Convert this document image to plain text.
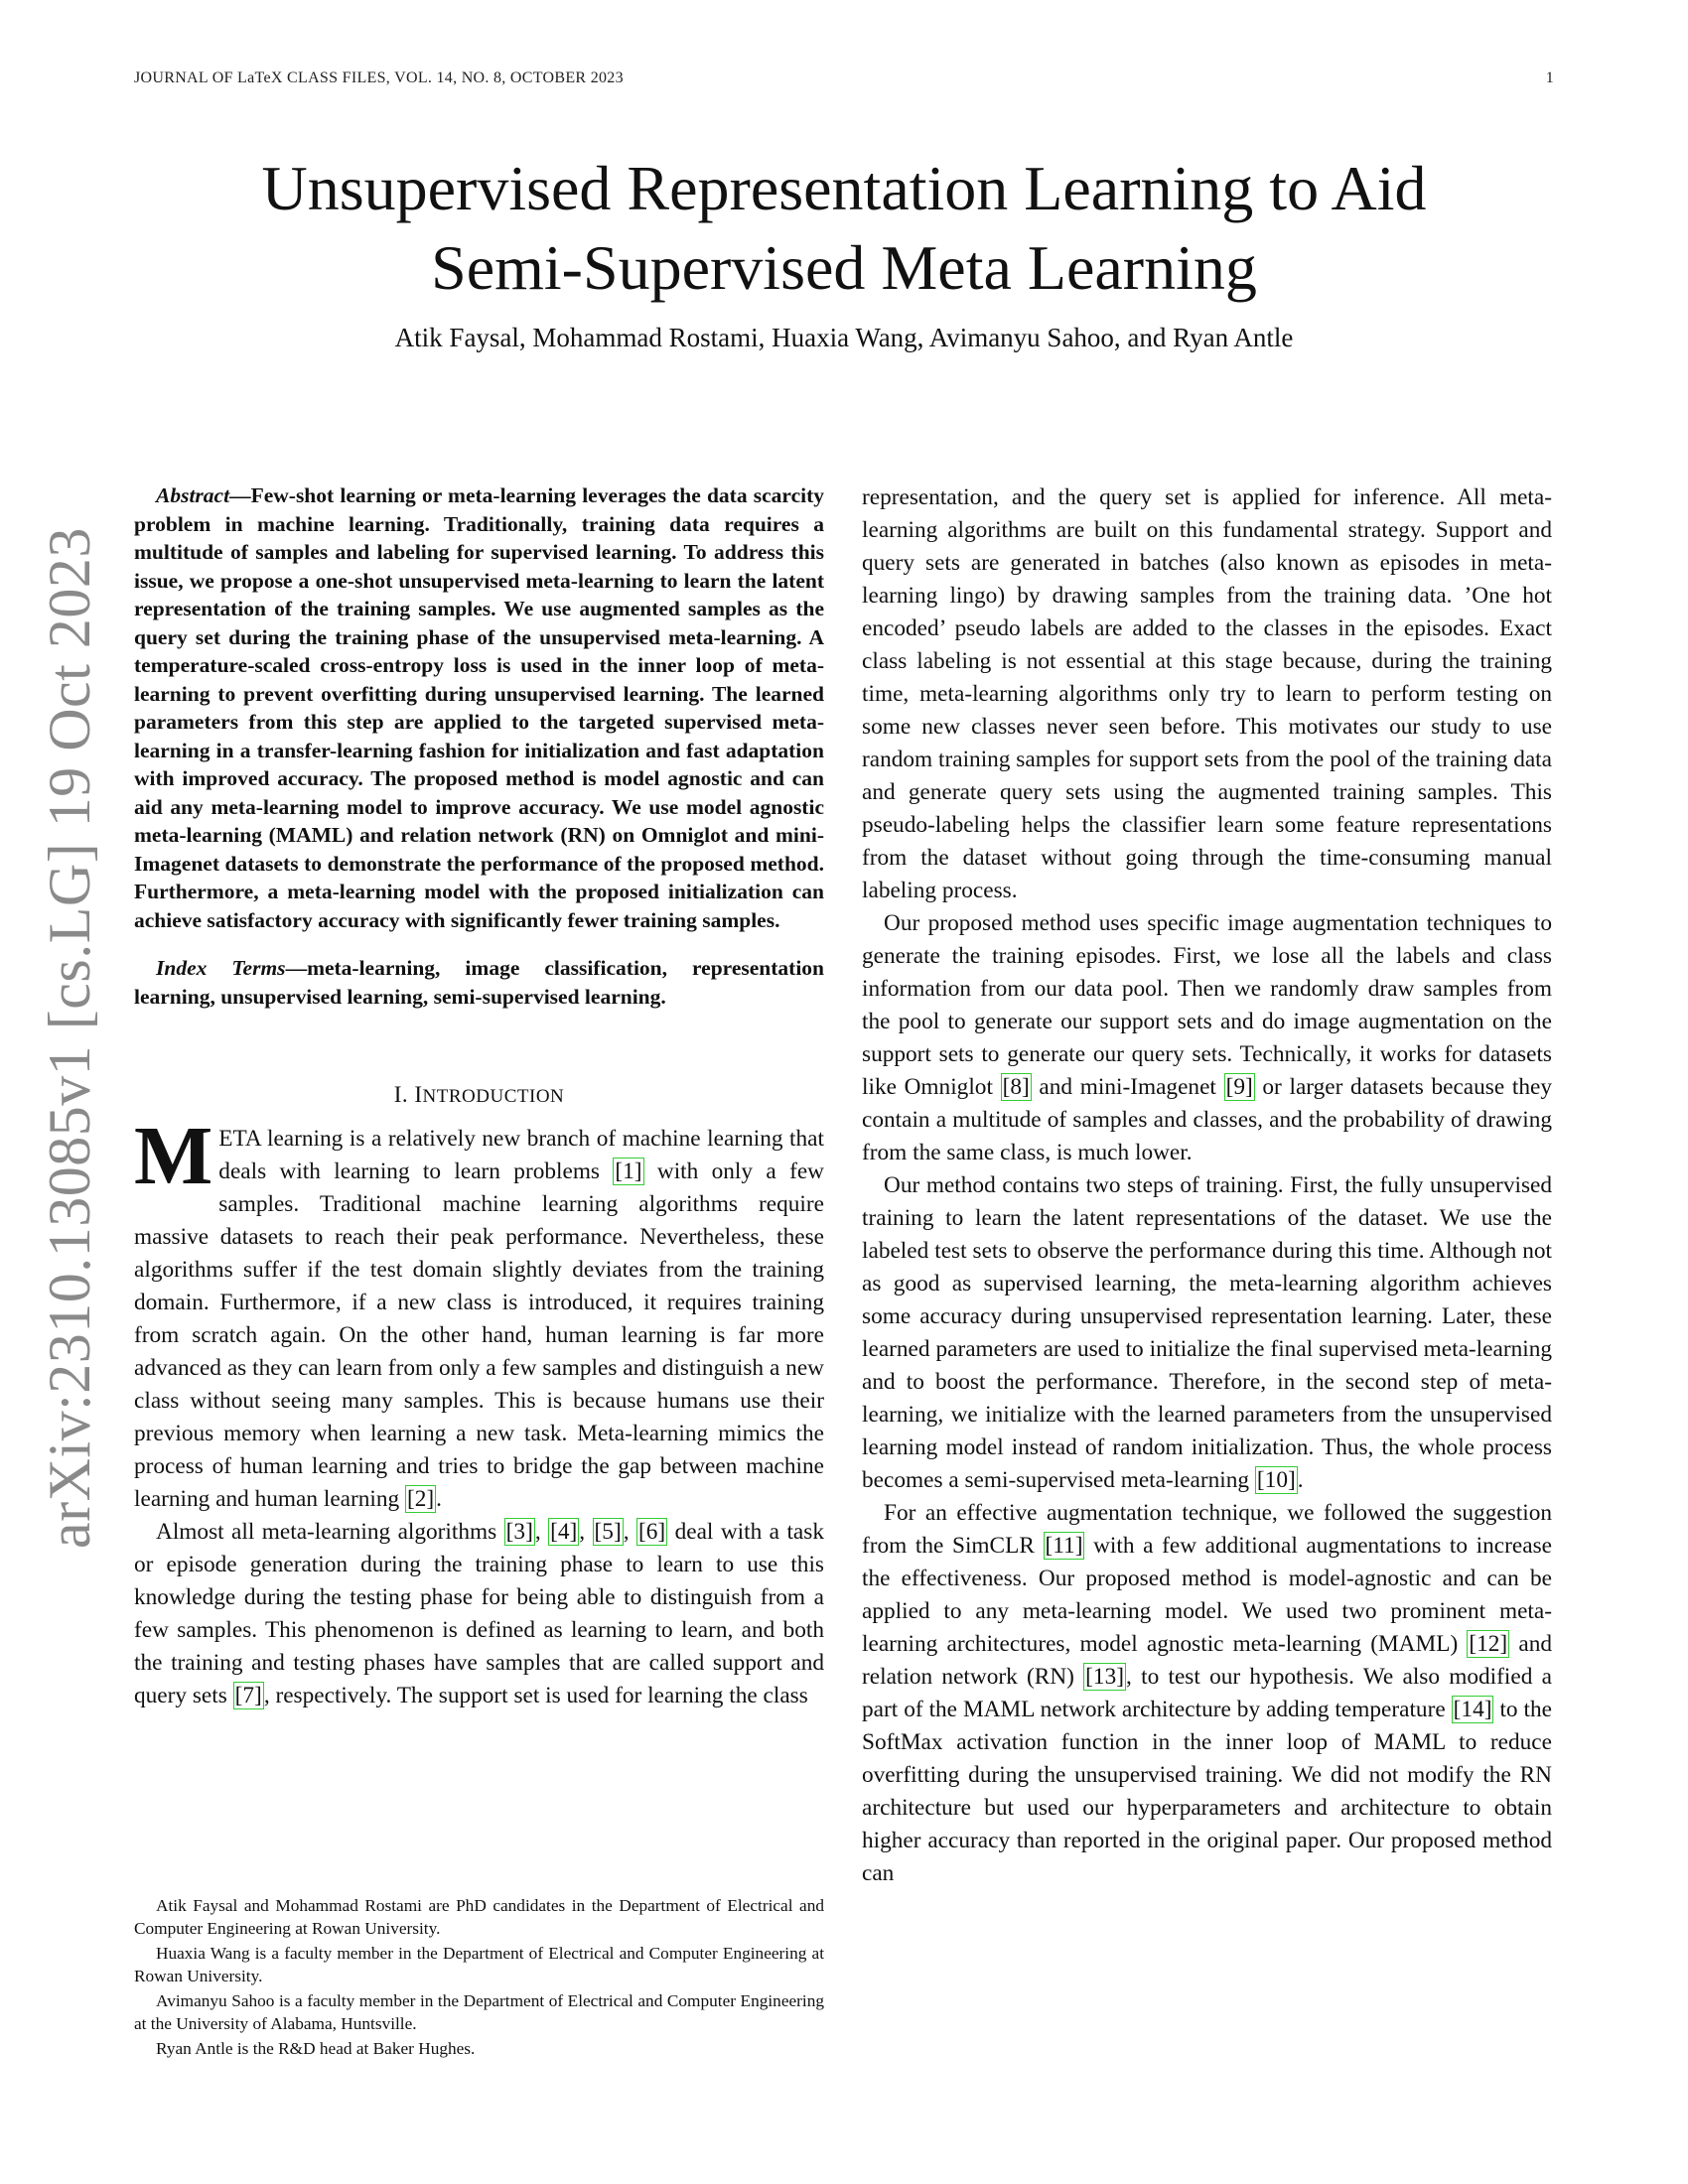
JOURNAL OF LaTeX CLASS FILES, VOL. 14, NO. 8, OCTOBER 2023	1
Unsupervised Representation Learning to Aid
Semi-Supervised Meta Learning
Atik Faysal, Mohammad Rostami, Huaxia Wang, Avimanyu Sahoo, and Ryan Antle
arXiv:2310.13085v1 [cs.LG] 19 Oct 2023
Abstract—Few-shot learning or meta-learning leverages the data scarcity problem in machine learning. Traditionally, training data requires a multitude of samples and labeling for supervised learning. To address this issue, we propose a one-shot unsupervised meta-learning to learn the latent representation of the training samples. We use augmented samples as the query set during the training phase of the unsupervised meta-learning. A temperature-scaled cross-entropy loss is used in the inner loop of meta-learning to prevent overfitting during unsupervised learning. The learned parameters from this step are applied to the targeted supervised meta-learning in a transfer-learning fashion for initialization and fast adaptation with improved accuracy. The proposed method is model agnostic and can aid any meta-learning model to improve accuracy. We use model agnostic meta-learning (MAML) and relation network (RN) on Omniglot and mini-Imagenet datasets to demonstrate the performance of the proposed method. Furthermore, a meta-learning model with the proposed initialization can achieve satisfactory accuracy with significantly fewer training samples.
Index Terms—meta-learning, image classification, representation learning, unsupervised learning, semi-supervised learning.
I. INTRODUCTION

META learning is a relatively new branch of machine learning that deals with learning to learn problems [1] with only a few samples. Traditional machine learning algorithms require massive datasets to reach their peak performance. Nevertheless, these algorithms suffer if the test domain slightly deviates from the training domain. Furthermore, if a new class is introduced, it requires training from scratch again. On the other hand, human learning is far more advanced as they can learn from only a few samples and distinguish a new class without seeing many samples. This is because humans use their previous memory when learning a new task. Meta-learning mimics the process of human learning and tries to bridge the gap between machine learning and human learning [2].

Almost all meta-learning algorithms [3], [4], [5], [6] deal with a task or episode generation during the training phase to learn to use this knowledge during the testing phase for being able to distinguish from a few samples. This phenomenon is defined as learning to learn, and both the training and testing phases have samples that are called support and query sets [7], respectively. The support set is used for learning the class

Atik Faysal and Mohammad Rostami are PhD candidates in the Department of Electrical and Computer Engineering at Rowan University.

Huaxia Wang is a faculty member in the Department of Electrical and Computer Engineering at Rowan University.

Avimanyu Sahoo is a faculty member in the Department of Electrical and Computer Engineering at the University of Alabama, Huntsville.

Ryan Antle is the R&D head at Baker Hughes.

representation, and the query set is applied for inference. All meta-learning algorithms are built on this fundamental strategy. Support and query sets are generated in batches (also known as episodes in meta-learning lingo) by drawing samples from the training data. ’One hot encoded’ pseudo labels are added to the classes in the episodes. Exact class labeling is not essential at this stage because, during the training time, meta-learning algorithms only try to learn to perform testing on some new classes never seen before. This motivates our study to use random training samples for support sets from the pool of the training data and generate query sets using the augmented training samples. This pseudo-labeling helps the classifier learn some feature representations from the dataset without going through the time-consuming manual labeling process.

Our proposed method uses specific image augmentation techniques to generate the training episodes. First, we lose all the labels and class information from our data pool. Then we randomly draw samples from the pool to generate our support sets and do image augmentation on the support sets to generate our query sets. Technically, it works for datasets like Omniglot [8] and mini-Imagenet [9] or larger datasets because they contain a multitude of samples and classes, and the probability of drawing from the same class, is much lower.

Our method contains two steps of training. First, the fully unsupervised training to learn the latent representations of the dataset. We use the labeled test sets to observe the performance during this time. Although not as good as supervised learning, the meta-learning algorithm achieves some accuracy during unsupervised representation learning. Later, these learned parameters are used to initialize the final supervised meta-learning and to boost the performance. Therefore, in the second step of meta-learning, we initialize with the learned parameters from the unsupervised learning model instead of random initialization. Thus, the whole process becomes a semi-supervised meta-learning [10].

For an effective augmentation technique, we followed the suggestion from the SimCLR [11] with a few additional augmentations to increase the effectiveness. Our proposed method is model-agnostic and can be applied to any meta-learning model. We used two prominent meta-learning architectures, model agnostic meta-learning (MAML) [12] and relation network (RN) [13], to test our hypothesis. We also modified a part of the MAML network architecture by adding temperature [14] to the SoftMax activation function in the inner loop of MAML to reduce overfitting during the unsupervised training. We did not modify the RN architecture but used our hyperparameters and architecture to obtain higher accuracy than reported in the original paper. Our proposed method can
